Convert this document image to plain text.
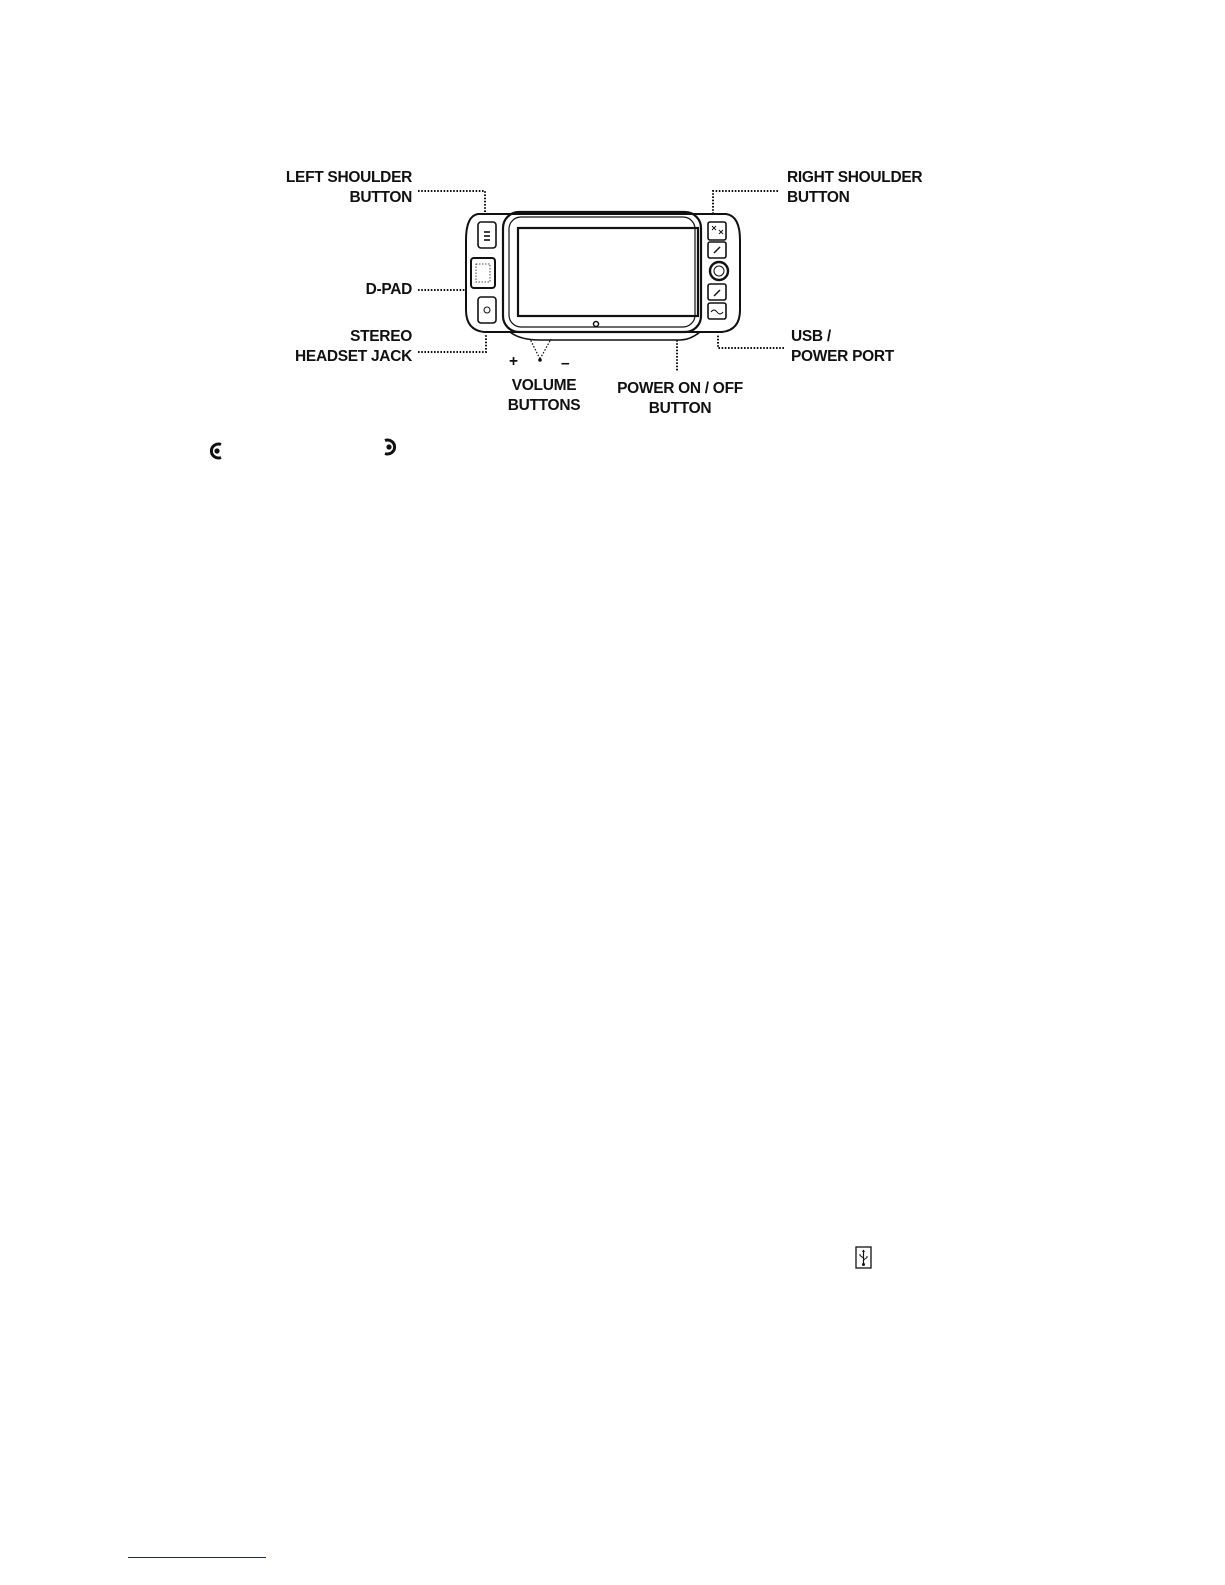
LEFT SHOULDER
BUTTON
RIGHT SHOULDER
BUTTON
D-PAD
STEREO
HEADSET JACK
USB /
POWER PORT
+	–
VOLUME
BUTTONS
POWER ON / OFF
BUTTON
